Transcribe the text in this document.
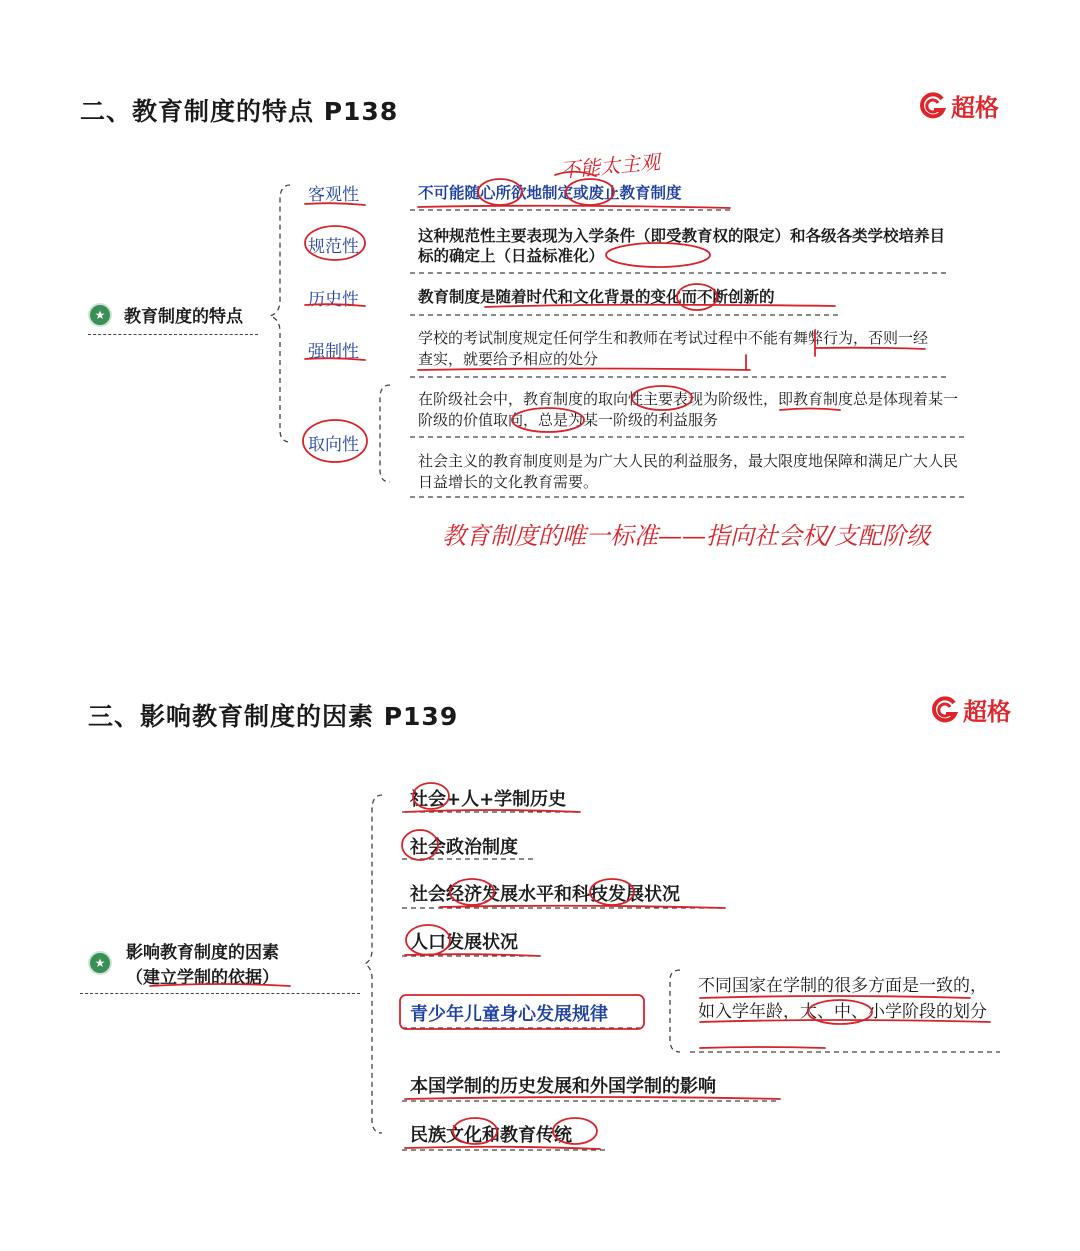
二、教育制度的特点 P138	超格
★	教育制度的特点
客观性
规范性
历史性
强制性
取向性
不可能随心所欲地制定或废止教育制度
这种规范性主要表现为入学条件（即受教育权的限定）和各级各类学校培养目标的确定上（日益标准化）
教育制度是随着时代和文化背景的变化而不断创新的
学校的考试制度规定任何学生和教师在考试过程中不能有舞弊行为，否则一经查实，就要给予相应的处分
在阶级社会中，教育制度的取向性主要表现为阶级性，即教育制度总是体现着某一阶级的价值取向，总是为某一阶级的利益服务
社会主义的教育制度则是为广大人民的利益服务，最大限度地保障和满足广大人民日益增长的文化教育需要。
不能太主观
教育制度的唯一标准——指向社会权/支配阶级
三、影响教育制度的因素 P139	超格
★	影响教育制度的因素
（建立学制的依据）
社会+人+学制历史
社会政治制度
社会经济发展水平和科技发展状况
人口发展状况
青少年儿童身心发展规律
本国学制的历史发展和外国学制的影响
民族文化和教育传统
不同国家在学制的很多方面是一致的，如入学年龄，大、中、小学阶段的划分
